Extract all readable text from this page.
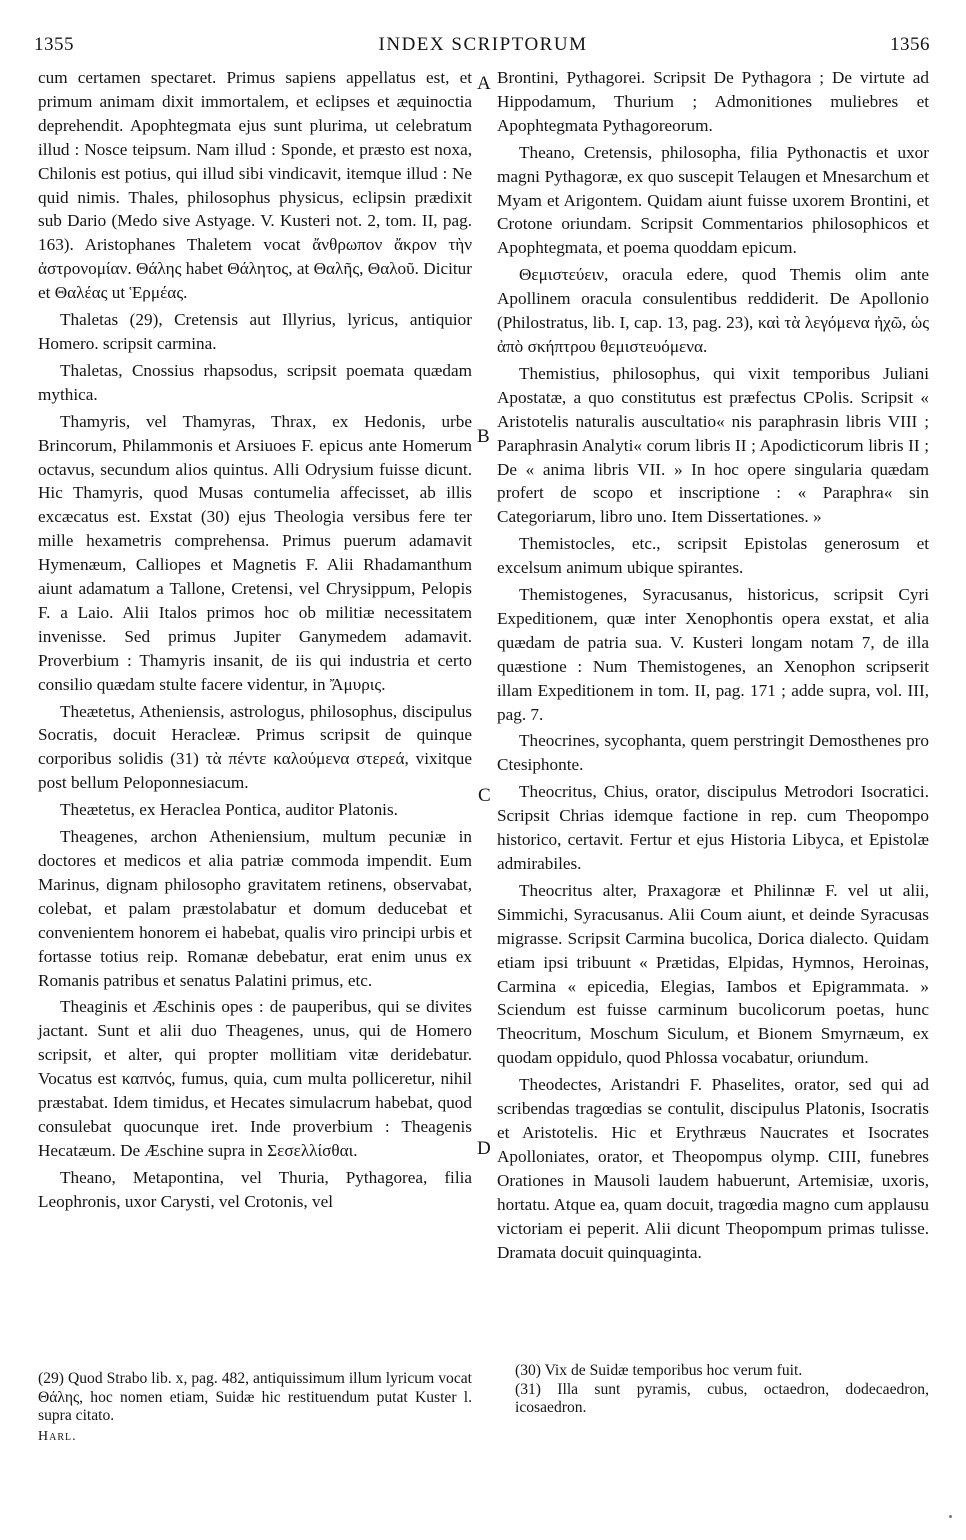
1355	INDEX SCRIPTORUM	1356
A
B
C
D

cum certamen spectaret. Primus sapiens appellatus est, et primum animam dixit immortalem, et eclipses et æquinoctia deprehendit. Apophtegmata ejus sunt plurima, ut celebratum illud : Nosce teipsum. Nam illud : Sponde, et præsto est noxa, Chilonis est potius, qui illud sibi vindicavit, itemque illud : Ne quid nimis. Thales, philosophus physicus, eclipsin prædixit sub Dario (Medo sive Astyage. V. Kusteri not. 2, tom. II, pag. 163). Aristophanes Thaletem vocat ἄνθρωπον ἄκρον τὴν ἀστρονομίαν. Θάλης habet Θάλητος, at Θαλῆς, Θαλοῦ. Dicitur et Θαλέας ut Ἑρμέας.

Thaletas (29), Cretensis aut Illyrius, lyricus, antiquior Homero. scripsit carmina.

Thaletas, Cnossius rhapsodus, scripsit poemata quædam mythica.

Thamyris, vel Thamyras, Thrax, ex Hedonis, urbe Brincorum, Philammonis et Arsiuoes F. epicus ante Homerum octavus, secundum alios quintus. Alli Odrysium fuisse dicunt. Hic Thamyris, quod Musas contumelia affecisset, ab illis excæcatus est. Exstat (30) ejus Theologia versibus fere ter mille hexametris comprehensa. Primus puerum adamavit Hymenæum, Calliopes et Magnetis F. Alii Rhadamanthum aiunt adamatum a Tallone, Cretensi, vel Chrysippum, Pelopis F. a Laio. Alii Italos primos hoc ob militiæ necessitatem invenisse. Sed primus Jupiter Ganymedem adamavit. Proverbium : Thamyris insanit, de iis qui industria et certo consilio quædam stulte facere videntur, in Ἄμυρις.

Theætetus, Atheniensis, astrologus, philosophus, discipulus Socratis, docuit Heracleæ. Primus scripsit de quinque corporibus solidis (31) τὰ πέντε καλούμενα στερεά, vixitque post bellum Peloponnesiacum.

Theætetus, ex Heraclea Pontica, auditor Platonis.

Theagenes, archon Atheniensium, multum pecuniæ in doctores et medicos et alia patriæ commoda impendit. Eum Marinus, dignam philosopho gravitatem retinens, observabat, colebat, et palam præstolabatur et domum deducebat et convenientem honorem ei habebat, qualis viro principi urbis et fortasse totius reip. Romanæ debebatur, erat enim unus ex Romanis patribus et senatus Palatini primus, etc.

Theaginis et Æschinis opes : de pauperibus, qui se divites jactant. Sunt et alii duo Theagenes, unus, qui de Homero scripsit, et alter, qui propter mollitiam vitæ deridebatur. Vocatus est καπνός, fumus, quia, cum multa polliceretur, nihil præstabat. Idem timidus, et Hecates simulacrum habebat, quod consulebat quocunque iret. Inde proverbium : Theagenis Hecatæum. De Æschine supra in Σεσελλίσθαι.

Theano, Metapontina, vel Thuria, Pythagorea, filia Leophronis, uxor Carysti, vel Crotonis, vel

Brontini, Pythagorei. Scripsit De Pythagora ; De virtute ad Hippodamum, Thurium ; Admonitiones muliebres et Apophtegmata Pythagoreorum.

Theano, Cretensis, philosopha, filia Pythonactis et uxor magni Pythagoræ, ex quo suscepit Telaugen et Mnesarchum et Myam et Arigontem. Quidam aiunt fuisse uxorem Brontini, et Crotone oriundam. Scripsit Commentarios philosophicos et Apophtegmata, et poema quoddam epicum.

Θεμιστεύειν, oracula edere, quod Themis olim ante Apollinem oracula consulentibus reddiderit. De Apollonio (Philostratus, lib. I, cap. 13, pag. 23), καὶ τὰ λεγόμενα ἠχῶ, ὡς ἀπὸ σκήπτρου θεμιστευόμενα.

Themistius, philosophus, qui vixit temporibus Juliani Apostatæ, a quo constitutus est præfectus CPolis. Scripsit « Aristotelis naturalis auscultatio« nis paraphrasin libris VIII ; Paraphrasin Analyti« corum libris II ; Apodicticorum libris II ; De « anima libris VII. » In hoc opere singularia quædam profert de scopo et inscriptione : « Paraphra« sin Categoriarum, libro uno. Item Dissertationes. »

Themistocles, etc., scripsit Epistolas generosum et excelsum animum ubique spirantes.

Themistogenes, Syracusanus, historicus, scripsit Cyri Expeditionem, quæ inter Xenophontis opera exstat, et alia quædam de patria sua. V. Kusteri longam notam 7, de illa quæstione : Num Themistogenes, an Xenophon scripserit illam Expeditionem in tom. II, pag. 171 ; adde supra, vol. III, pag. 7.

Theocrines, sycophanta, quem perstringit Demosthenes pro Ctesiphonte.

Theocritus, Chius, orator, discipulus Metrodori Isocratici. Scripsit Chrias idemque factione in rep. cum Theopompo historico, certavit. Fertur et ejus Historia Libyca, et Epistolæ admirabiles.

Theocritus alter, Praxagoræ et Philinnæ F. vel ut alii, Simmichi, Syracusanus. Alii Coum aiunt, et deinde Syracusas migrasse. Scripsit Carmina bucolica, Dorica dialecto. Quidam etiam ipsi tribuunt « Prætidas, Elpidas, Hymnos, Heroinas, Carmina « epicedia, Elegias, Iambos et Epigrammata. » Sciendum est fuisse carminum bucolicorum poetas, hunc Theocritum, Moschum Siculum, et Bionem Smyrnæum, ex quodam oppidulo, quod Phlossa vocabatur, oriundum.

Theodectes, Aristandri F. Phaselites, orator, sed qui ad scribendas tragœdias se contulit, discipulus Platonis, Isocratis et Aristotelis. Hic et Erythræus Naucrates et Isocrates Apolloniates, orator, et Theopompus olymp. CIII, funebres Orationes in Mausoli laudem habuerunt, Artemisiæ, uxoris, hortatu. Atque ea, quam docuit, tragœdia magno cum applausu victoriam ei peperit. Alii dicunt Theopompum primas tulisse. Dramata docuit quinquaginta.

(29) Quod Strabo lib. x, pag. 482, antiquissimum illum lyricum vocat Θάλης, hoc nomen etiam, Suidæ hic restituendum putat Kuster l. supra citato.

Harl.

(30) Vix de Suidæ temporibus hoc verum fuit.

(31) Illa sunt pyramis, cubus, octaedron, dodecaedron, icosaedron.
